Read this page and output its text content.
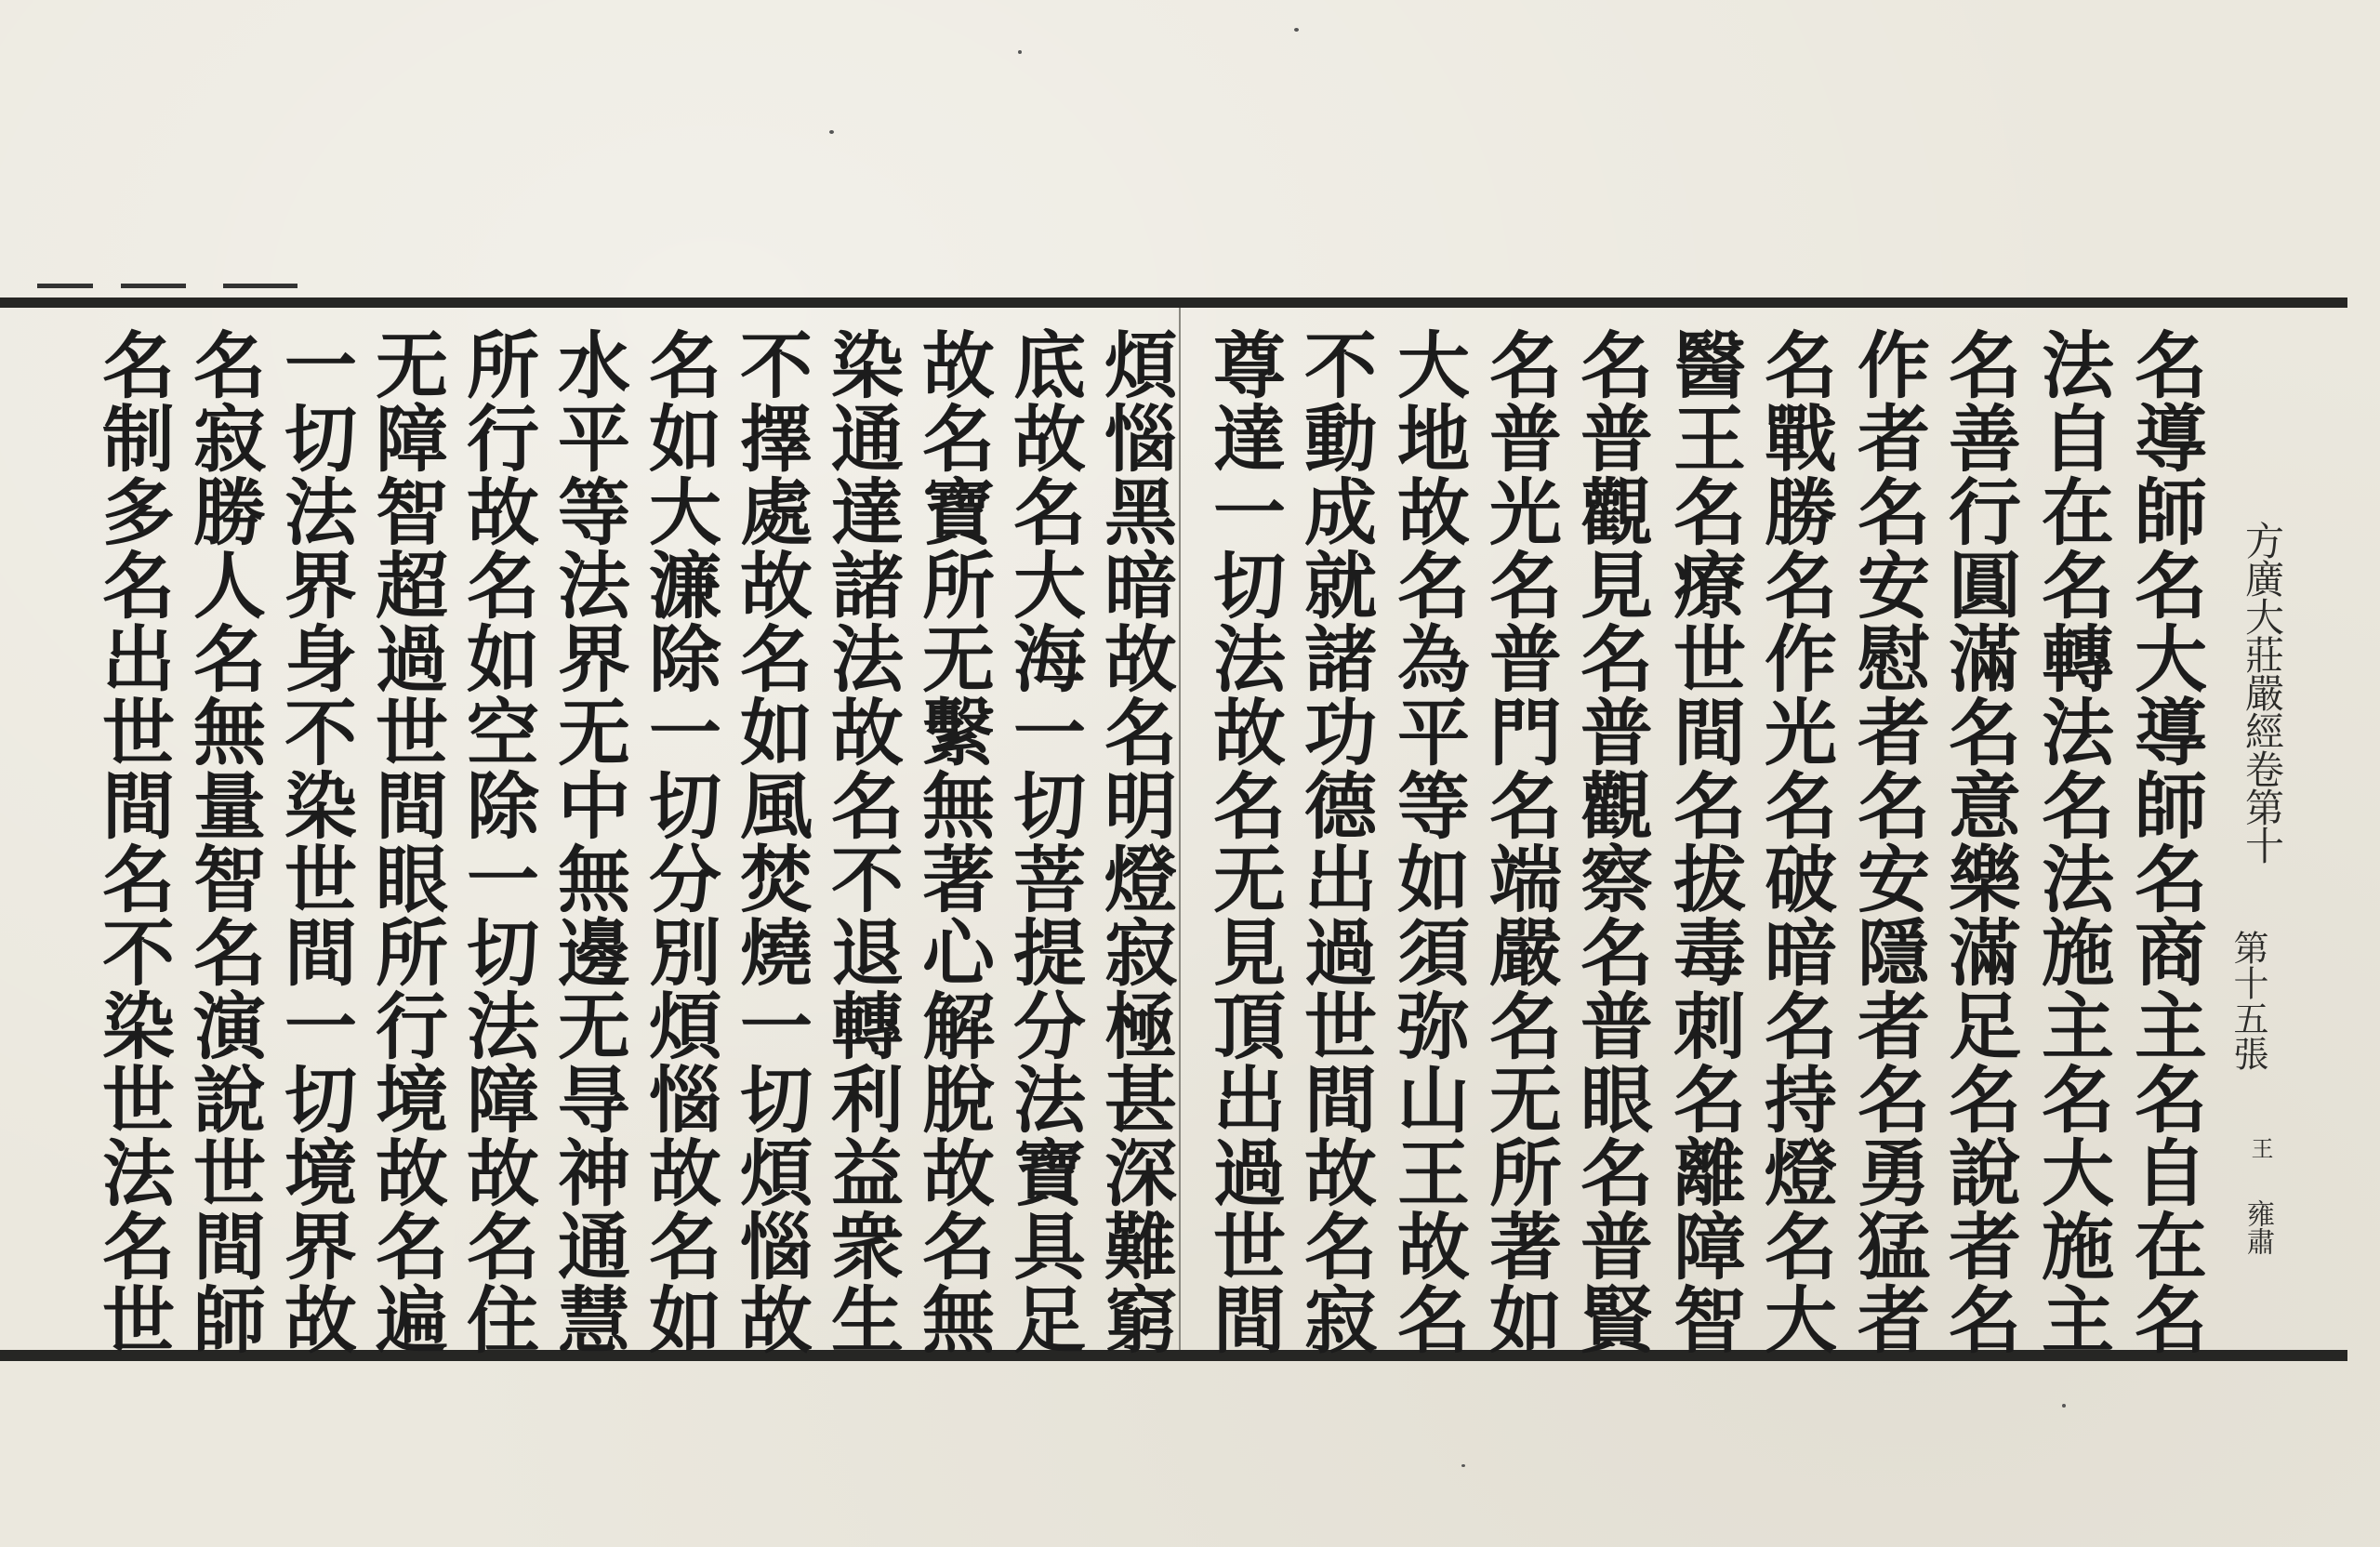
方廣大莊嚴經卷第十
第十五張
王
雍肅
名導師名大導師名商主名自在名
法自在名轉法名法施主名大施主
名善行圓滿名意樂滿足名說者名
作者名安慰者名安隱者名勇猛者
名戰勝名作光名破暗名持燈名大
醫王名療世間名拔毒刺名離障智
名普觀見名普觀察名普眼名普賢
名普光名普門名端嚴名无所著如
大地故名為平等如須弥山王故名
不動成就諸功德出過世間故名寂
尊達一切法故名无見頂出過世間
煩惱黑暗故名明燈寂極甚深難窮
底故名大海一切菩提分法寶具足
故名寶所无繫無著心解脫故名無
染通達諸法故名不退轉利益衆生
不擇處故名如風焚燒一切煩惱故
名如大濂除一切分別煩惱故名如
水平等法界无中無邊无㝵神通慧
所行故名如空除一切法障故名住
无障智超過世間眼所行境故名遍
一切法界身不染世間一切境界故
名寂勝人名無量智名演說世間師
名制多名出世間名不染世法名世
